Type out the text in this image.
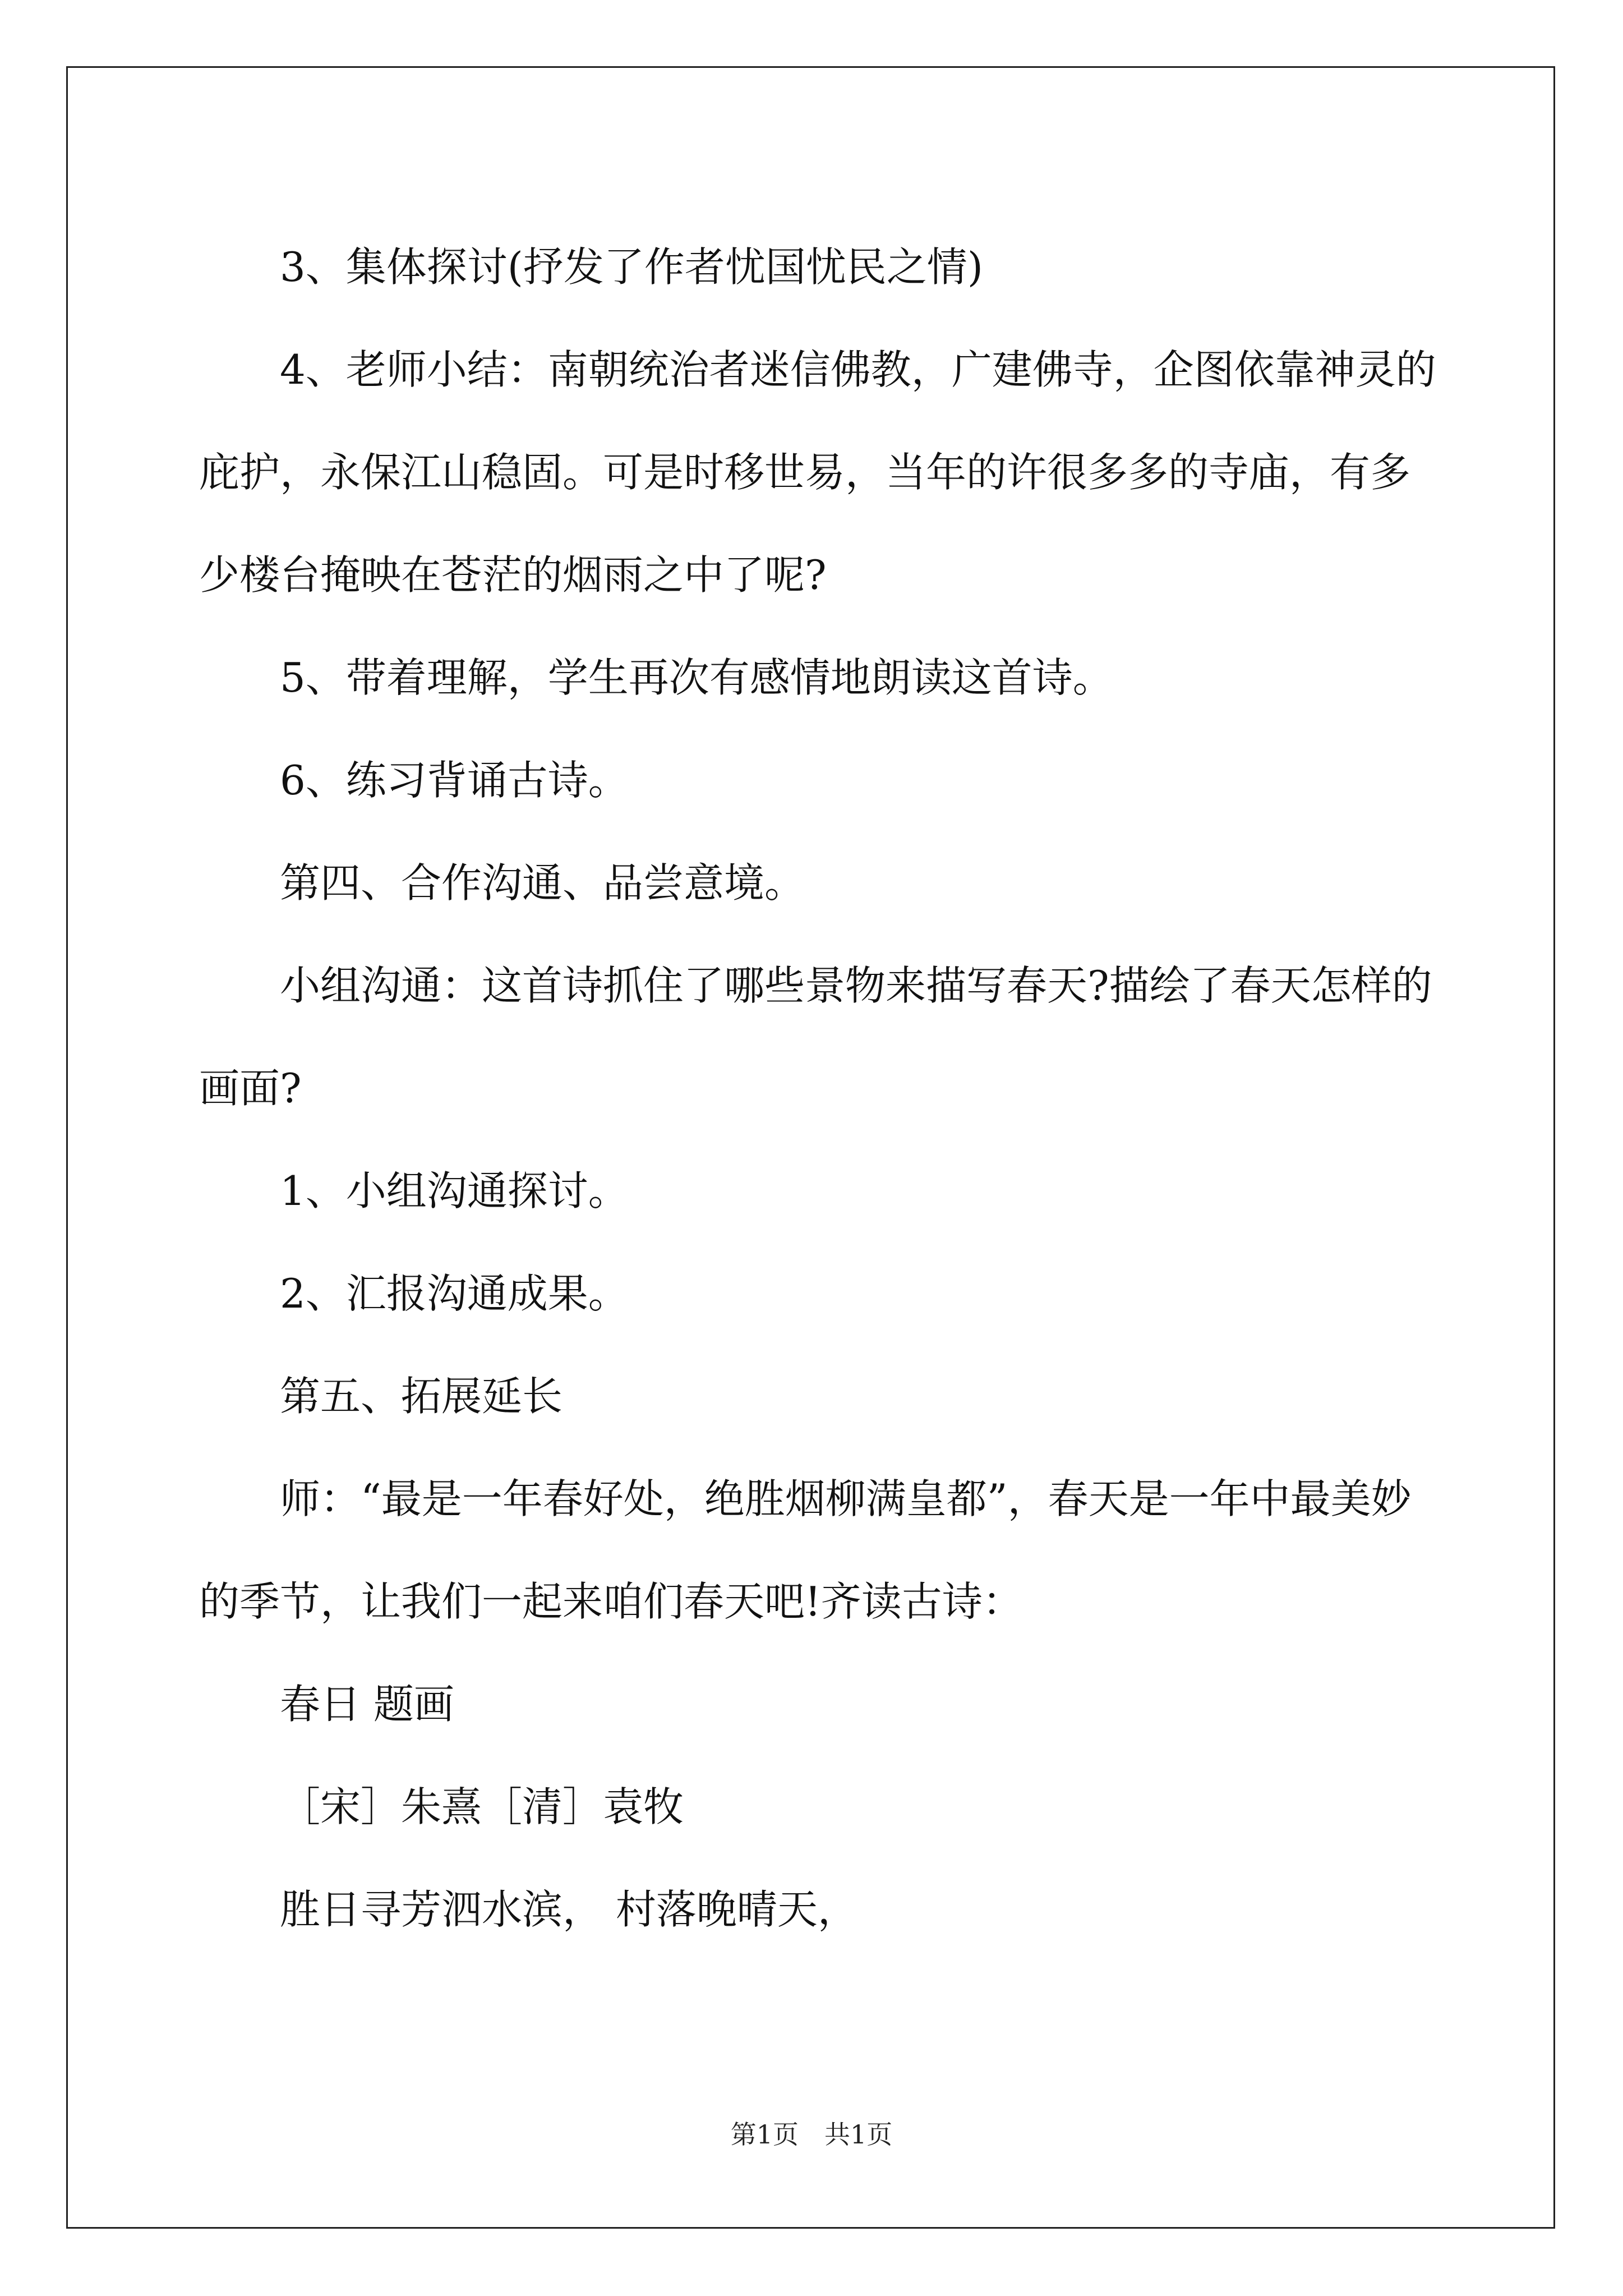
3、集体探讨(抒发了作者忧国忧民之情)

4、老师小结：南朝统治者迷信佛教，广建佛寺，企图依靠神灵的庇护，永保江山稳固。可是时移世易，当年的许很多多的寺庙，有多少楼台掩映在苍茫的烟雨之中了呢?

5、带着理解，学生再次有感情地朗读这首诗。

6、练习背诵古诗。

第四、合作沟通、品尝意境。

小组沟通：这首诗抓住了哪些景物来描写春天?描绘了春天怎样的画面?

1、小组沟通探讨。

2、汇报沟通成果。

第五、拓展延长

师：“最是一年春好处，绝胜烟柳满皇都”，春天是一年中最美妙的季节，让我们一起来咱们春天吧!齐读古诗：

春日 题画

［宋］朱熹［清］袁牧

胜日寻芳泗水滨， 村落晚晴天，

第1页　共1页
